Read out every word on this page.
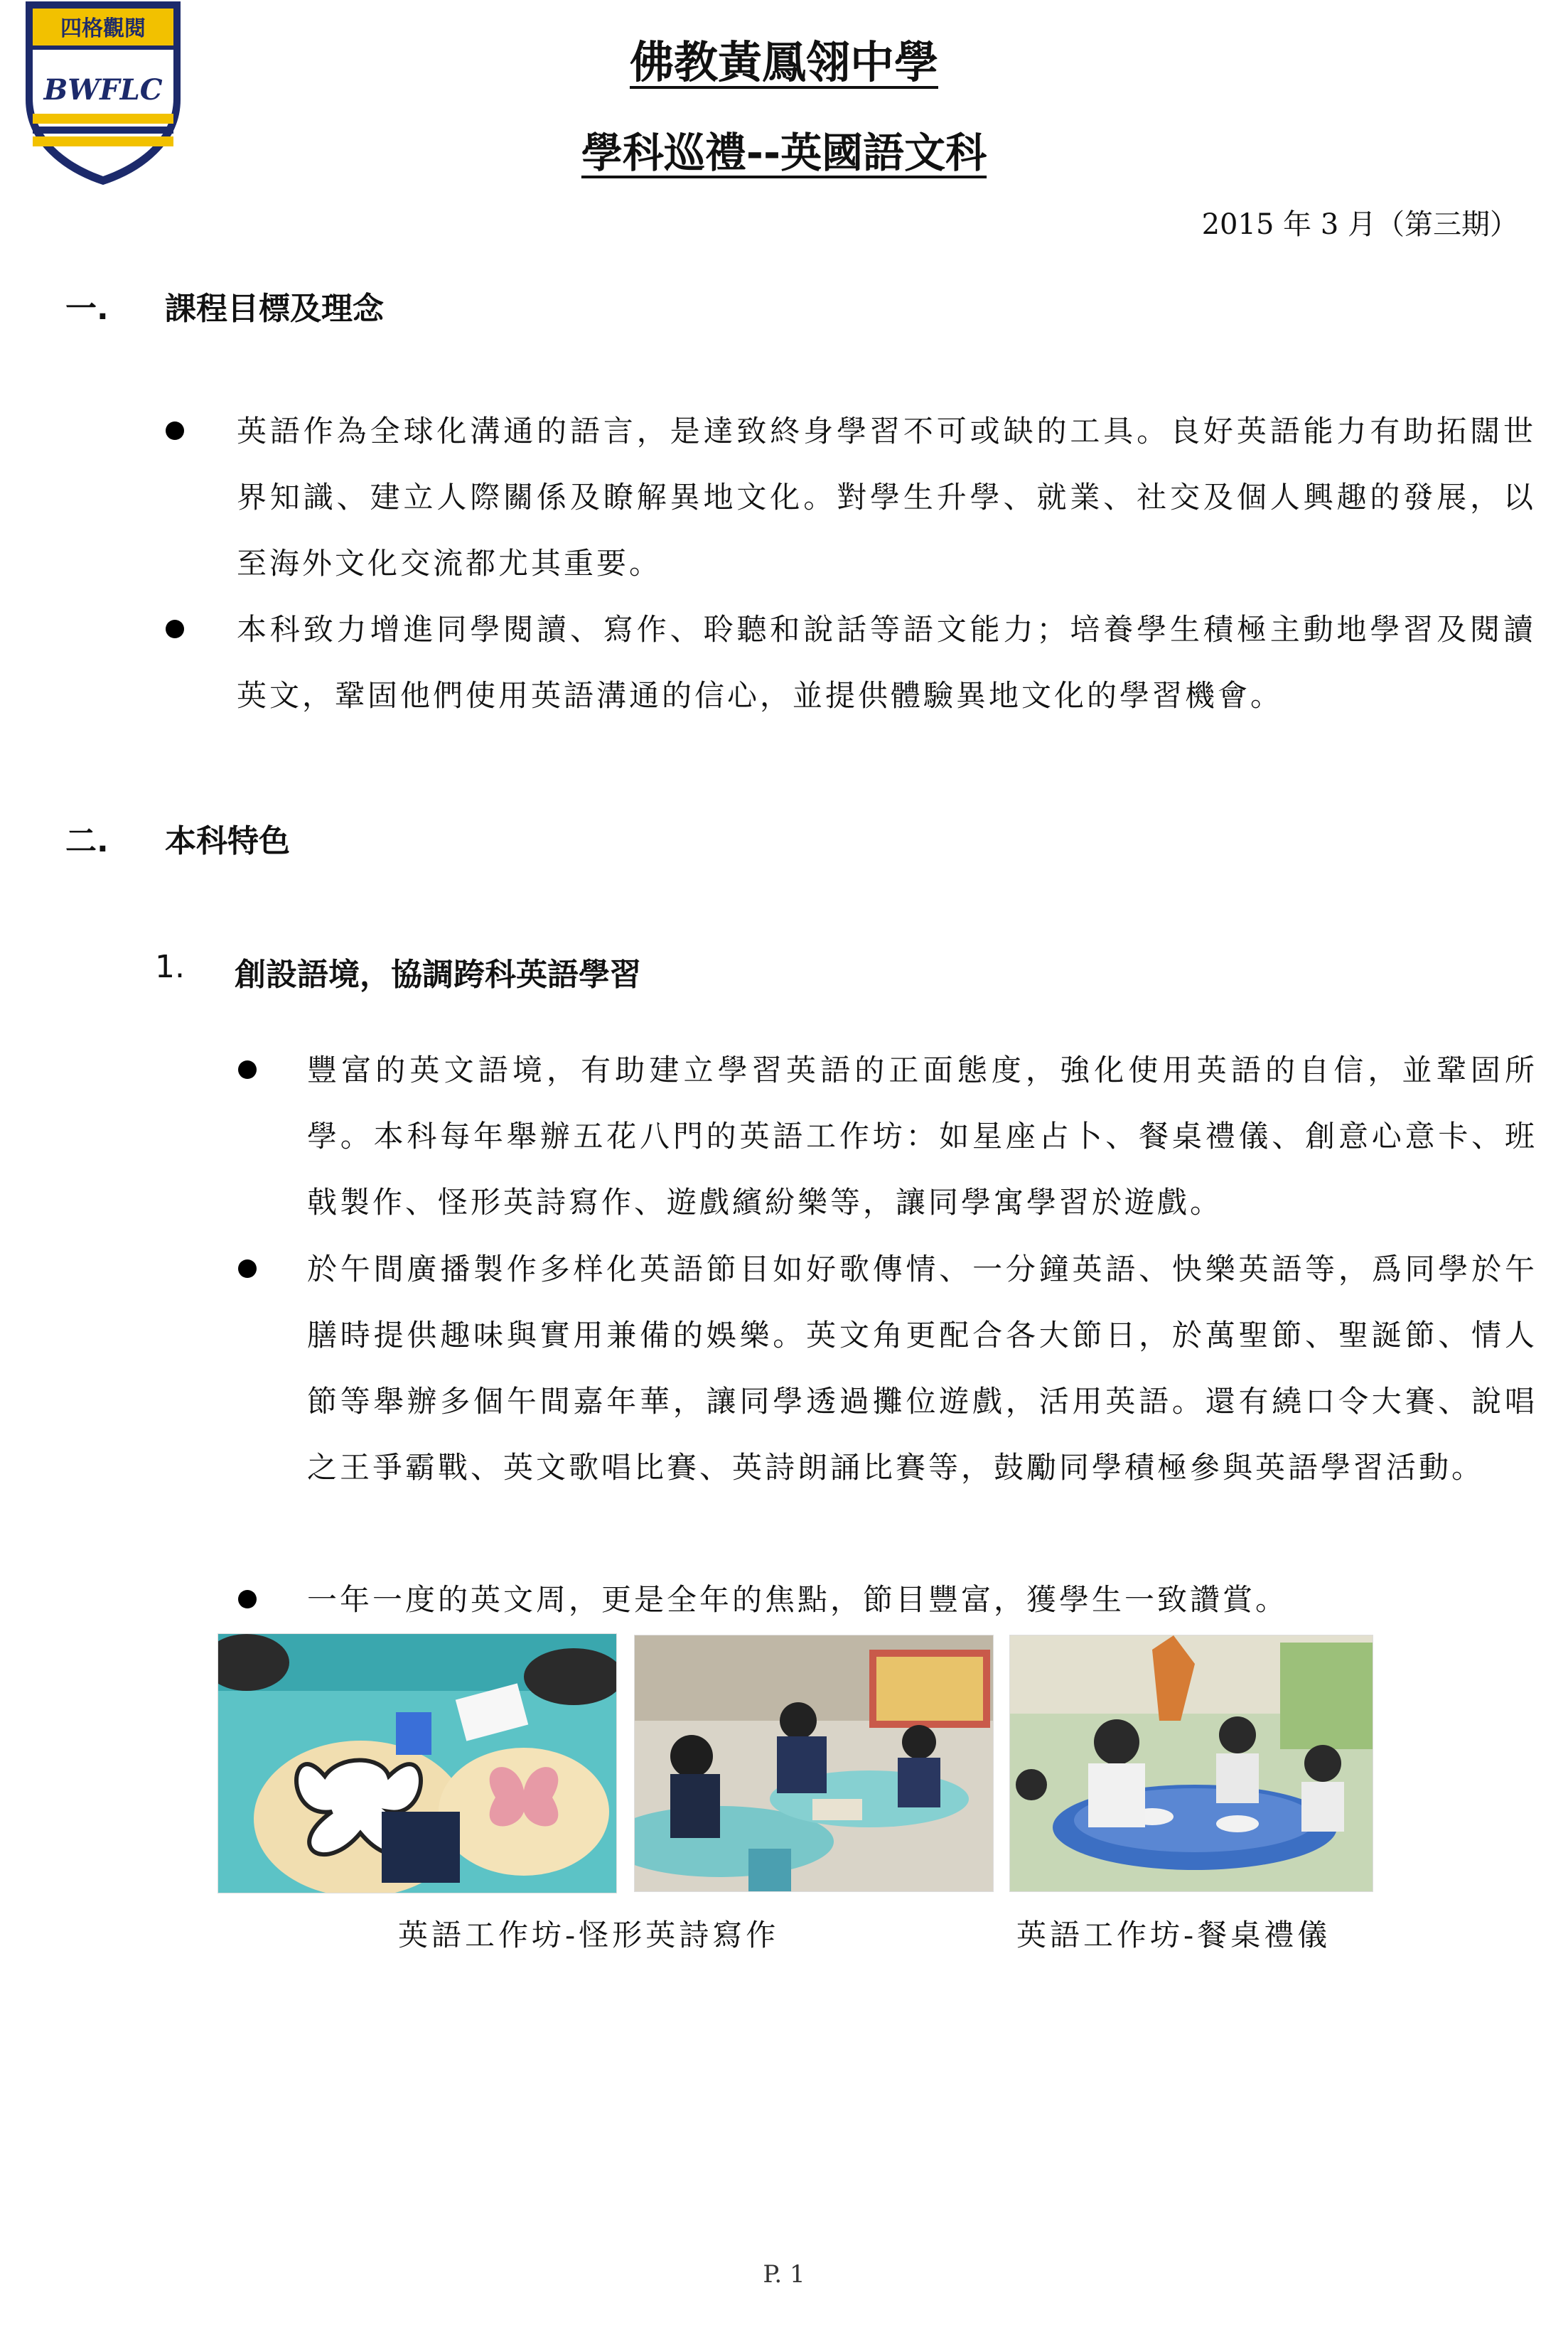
四格觀閱
BWFLC
佛教黃鳳翎中學
學科巡禮--英國語文科
2015 年 3 月（第三期）
一. 課程目標及理念
英語作為全球化溝通的語言，是達致終身學習不可或缺的工具。良好英語能力有助拓闊世界知識、建立人際關係及瞭解異地文化。對學生升學、就業、社交及個人興趣的發展，以至海外文化交流都尤其重要。
本科致力增進同學閱讀、寫作、聆聽和說話等語文能力；培養學生積極主動地學習及閱讀英文，鞏固他們使用英語溝通的信心，並提供體驗異地文化的學習機會。
二. 本科特色
1. 創設語境，協調跨科英語學習
豐富的英文語境，有助建立學習英語的正面態度，強化使用英語的自信，並鞏固所學。本科每年舉辦五花八門的英語工作坊：如星座占卜、餐桌禮儀、創意心意卡、班戟製作、怪形英詩寫作、遊戲繽紛樂等，讓同學寓學習於遊戲。
於午間廣播製作多样化英語節目如好歌傳情、一分鐘英語、快樂英語等，爲同學於午膳時提供趣味與實用兼備的娛樂。英文角更配合各大節日，於萬聖節、聖誕節、情人節等舉辦多個午間嘉年華，讓同學透過攤位遊戲，活用英語。還有繞口令大賽、說唱之王爭霸戰、英文歌唱比賽、英詩朗誦比賽等，鼓勵同學積極參與英語學習活動。
一年一度的英文周，更是全年的焦點，節目豐富，獲學生一致讚賞。
英語工作坊-怪形英詩寫作	英語工作坊-餐桌禮儀
P. 1
